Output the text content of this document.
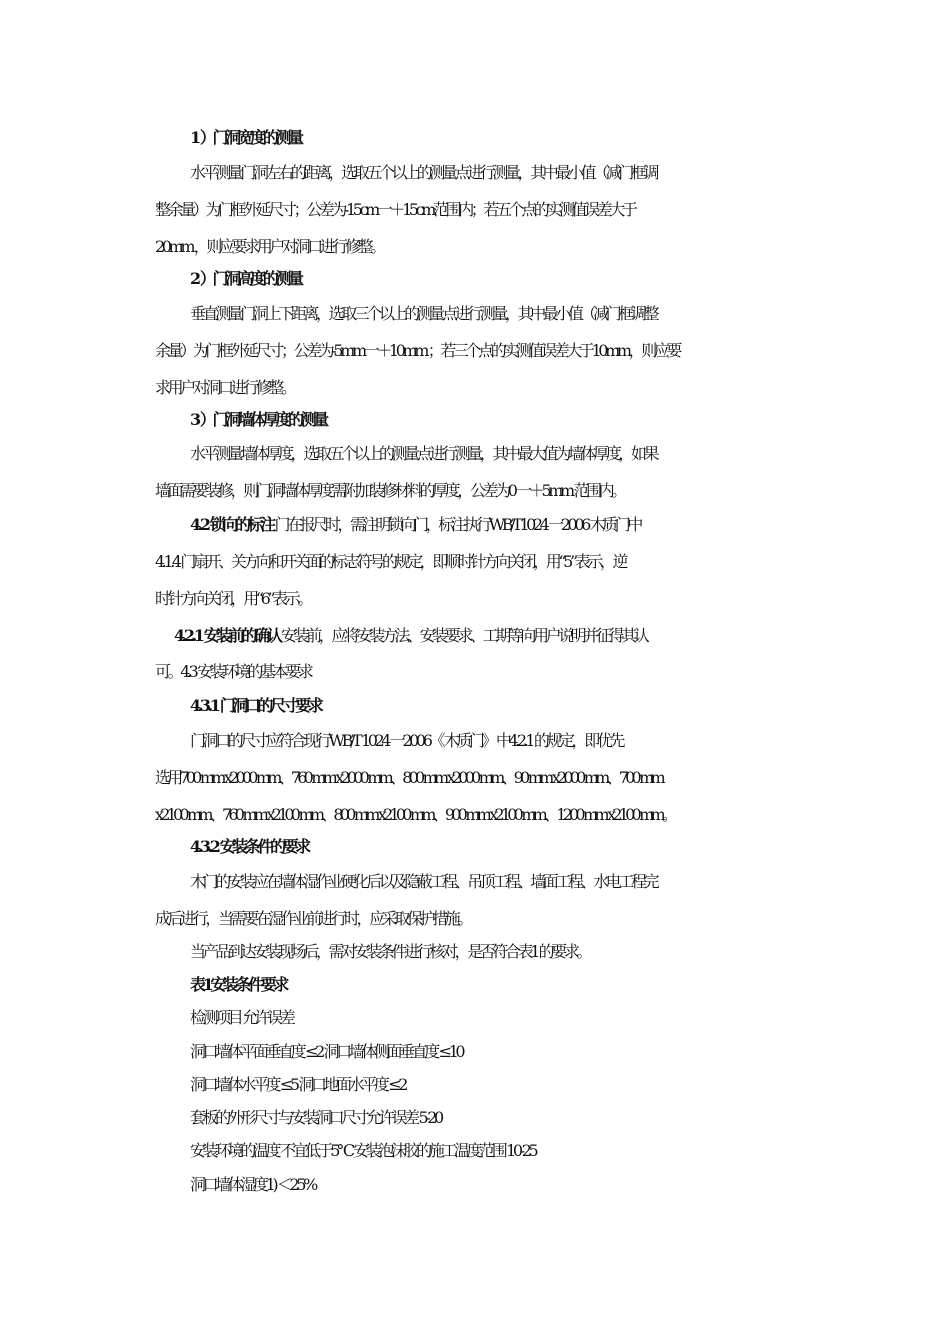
1 ）门洞宽度的测量
水平测量门洞左右的距离，选取五个以上的测量点进行测量，其中最小值（减门框调
整余量）为门框外延尺寸；公差为-15cm一＋15cm范围内；若五个点的实测值误差大于
20mm ，则应要求用户对洞口进行修整。
2 ）门洞高度的测量
垂直测量门洞上下距离，选取三个以上的测量点进行测量，其中最小值（减门框调整
余量）为门框外延尺寸；公差为-5mm一＋10mm ；若三个点的实测值误差大于10mm，则应要
求用户对洞口进行修整。
3 ）门洞墙体厚度的测量
水平测量墙体厚度，选取五个以上的测量点进行测量，其中最大值为墙体厚度，如果
墙面需要装修，则门洞墙体厚度需附加装修材料的厚度，公差为0 一＋5mm 范围内。
4.2 锁向的标注 门在报尺时，需注明锁向门，标注执行WB/T1024 一2006 木质门中
4.1.4 门扇开、关方向和开关面的标志符号的规定，即顺时针方向关闭，用“5”表示，逆
时针方向关闭，用“6”表示。
4.2.1 安装前的确认 安装前，应将安装方法、安装要求、工期等向用户说明并征得其认
可。4.3 安装环境的基本要求
4.3.1 门洞口的尺寸要求
门洞口的尺寸应符合现行WB/T 1024 一2006《 木质门》 中4.2.1 的规定，即优先
选用700 mm x2000 mm、760 mm x2000 mm、800 mm x2000 mm、90 mm x2000 mm、700 mm
x2100 mm、760 mm x2100 mm、800 mm x2100 mm、900 mm x2100 mm、1200 mm x2100 mm。
4.3.2 安装条件的要求
木门的安装应在墙体湿作业硬化后以及隐蔽工程、吊顶工程、墙面工程、水电工程完
成后进行，当需要在湿作业前进行时，应采取保护措施。
当产品到达安装现场后，需对安装条件进行核对，是否符合表1 的要求。
表1安装条件要求
检测项目 允许误差
洞口墙体平面垂直度 ≤2 洞口墙体侧面垂直度 ≤10
洞口墙体水平度 ≤5 洞口地面水平度 ≤2
套板的外形尺寸与安装洞口尺寸允许误差 5-20
安装环境的温度 不宜低于5℃ 安装泡沫胶的施工温度范围 10-25
洞口墙体湿度1) ＜25%
